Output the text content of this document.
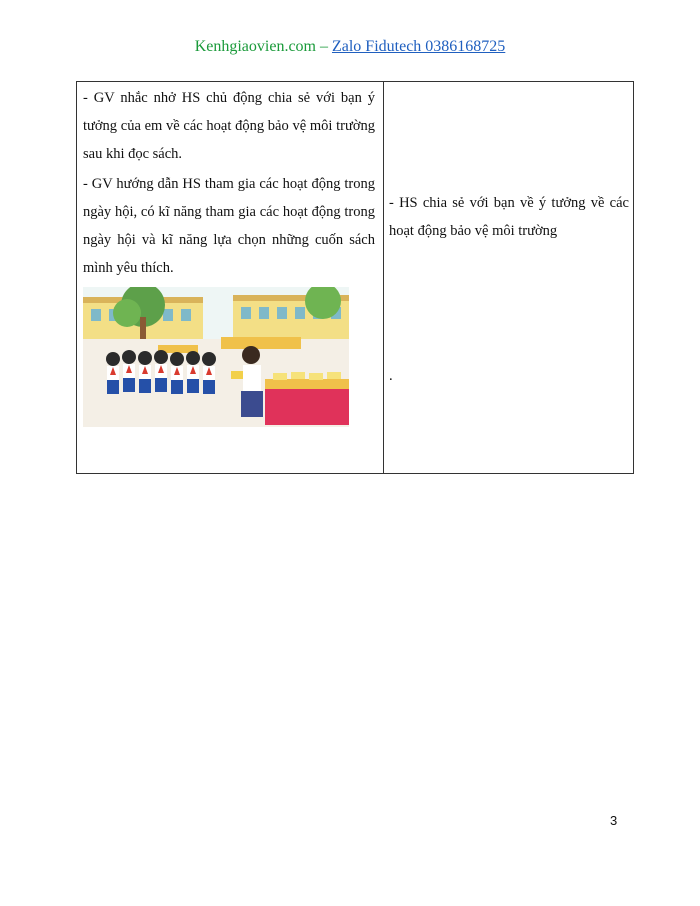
Kenhgiaovien.com – Zalo Fidutech 0386168725

- GV nhắc nhở HS chủ động chia sẻ với bạn ý tưởng của em về các hoạt động bảo vệ môi trường sau khi đọc sách.

- GV hướng dẫn HS tham gia các hoạt động trong ngày hội, có kĩ năng tham gia các hoạt động trong ngày hội và kĩ năng lựa chọn những cuốn sách mình yêu thích.

- HS chia sẻ với bạn về ý tưởng về các hoạt động bảo vệ môi trường

.
3
